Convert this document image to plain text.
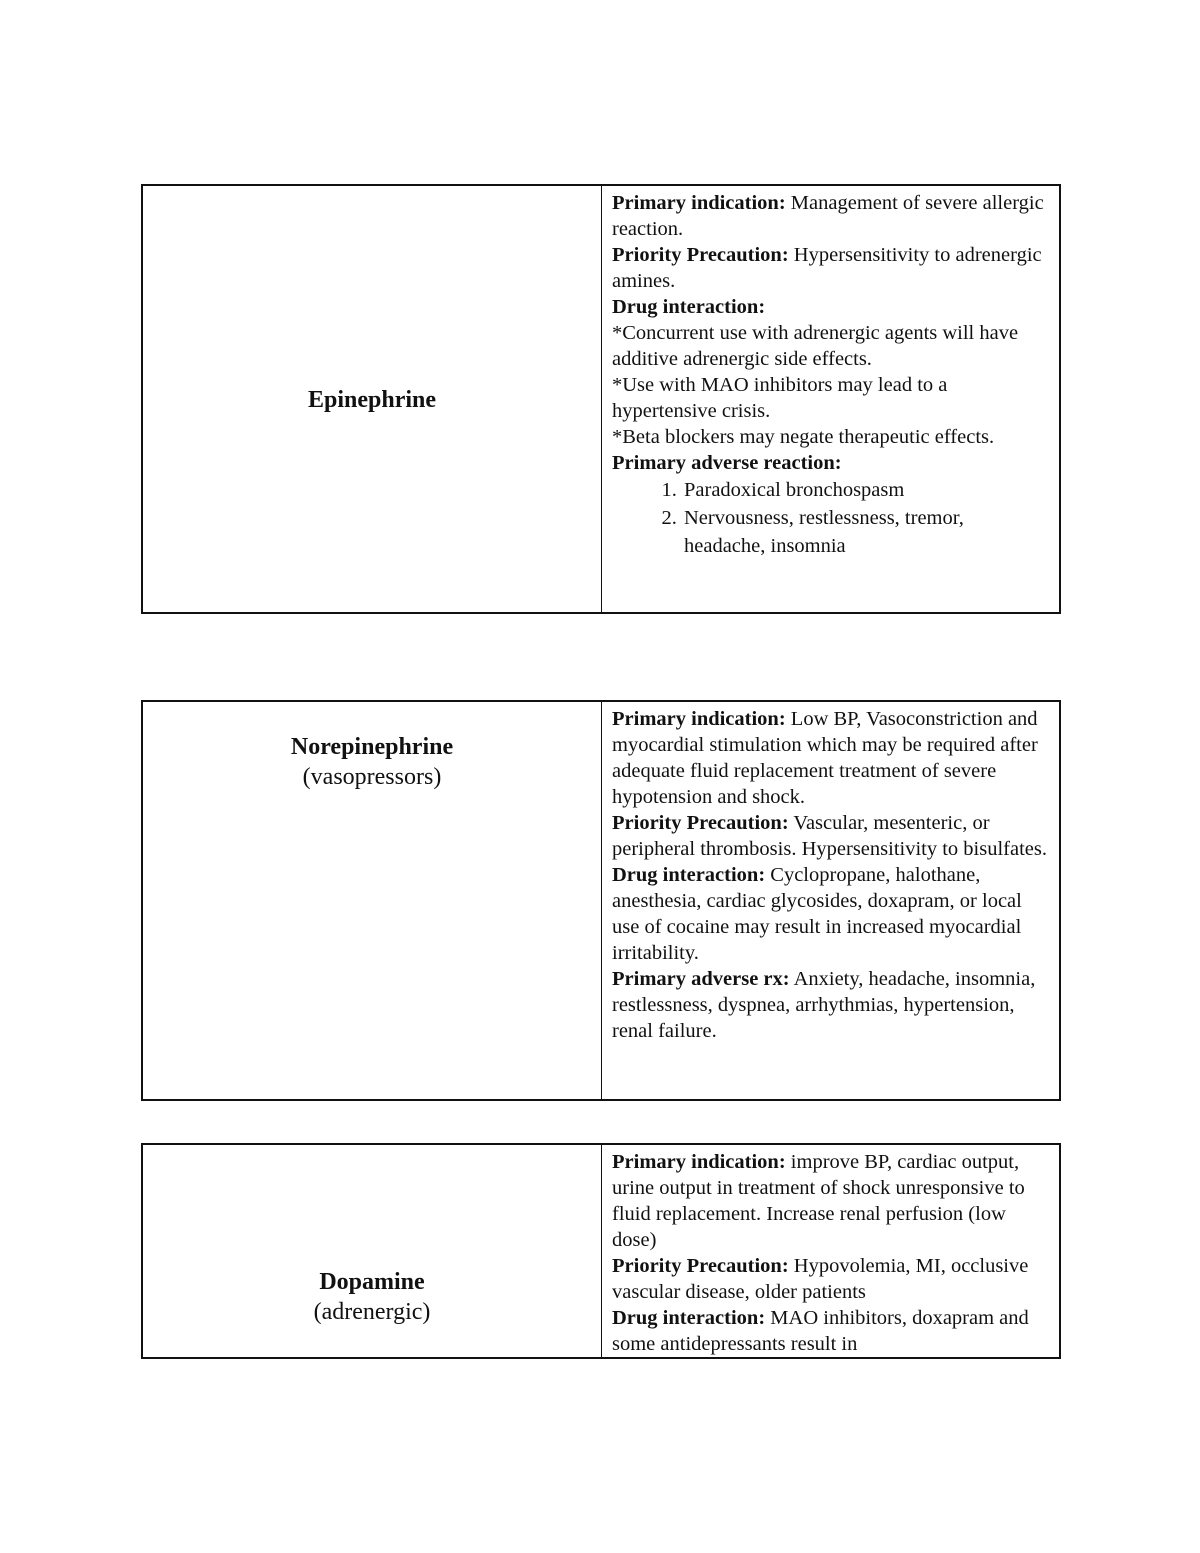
Epinephrine
Primary indication: Management of severe allergic reaction.
Priority Precaution: Hypersensitivity to adrenergic amines.
Drug interaction:
*Concurrent use with adrenergic agents will have additive adrenergic side effects.
*Use with MAO inhibitors may lead to a hypertensive crisis.
*Beta blockers may negate therapeutic effects.
Primary adverse reaction:
1. Paradoxical bronchospasm
2. Nervousness, restlessness, tremor, headache, insomnia
Norepinephrine
(vasopressors)
Primary indication: Low BP, Vasoconstriction and myocardial stimulation which may be required after adequate fluid replacement treatment of severe hypotension and shock.
Priority Precaution: Vascular, mesenteric, or peripheral thrombosis. Hypersensitivity to bisulfates.
Drug interaction: Cyclopropane, halothane, anesthesia, cardiac glycosides, doxapram, or local use of cocaine may result in increased myocardial irritability.
Primary adverse rx: Anxiety, headache, insomnia, restlessness, dyspnea, arrhythmias, hypertension, renal failure.
Dopamine
(adrenergic)
Primary indication: improve BP, cardiac output, urine output in treatment of shock unresponsive to fluid replacement. Increase renal perfusion (low dose)
Priority Precaution: Hypovolemia, MI, occlusive vascular disease, older patients
Drug interaction: MAO inhibitors, doxapram and some antidepressants result in
